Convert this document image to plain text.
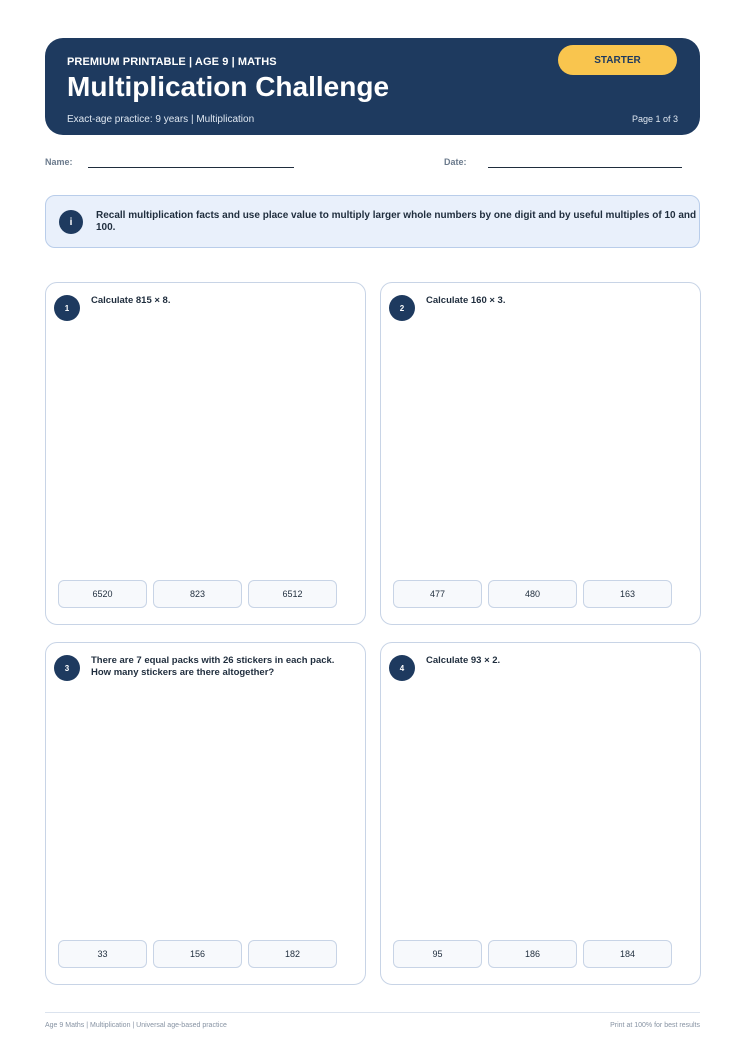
PREMIUM PRINTABLE | AGE 9 | MATHS
Multiplication Challenge
Exact-age practice: 9 years | Multiplication	Page 1 of 3
STARTER
Name:	Date:
i
Recall multiplication facts and use place value to multiply larger whole numbers by one digit and by useful multiples of 10 and 100.
1
Calculate 815 × 8.
6520	823	6512
2
Calculate 160 × 3.
477	480	163
3
There are 7 equal packs with 26 stickers in each pack. How many stickers are there altogether?
33	156	182
4
Calculate 93 × 2.
95	186	184
Age 9 Maths | Multiplication | Universal age-based practice	Print at 100% for best results
